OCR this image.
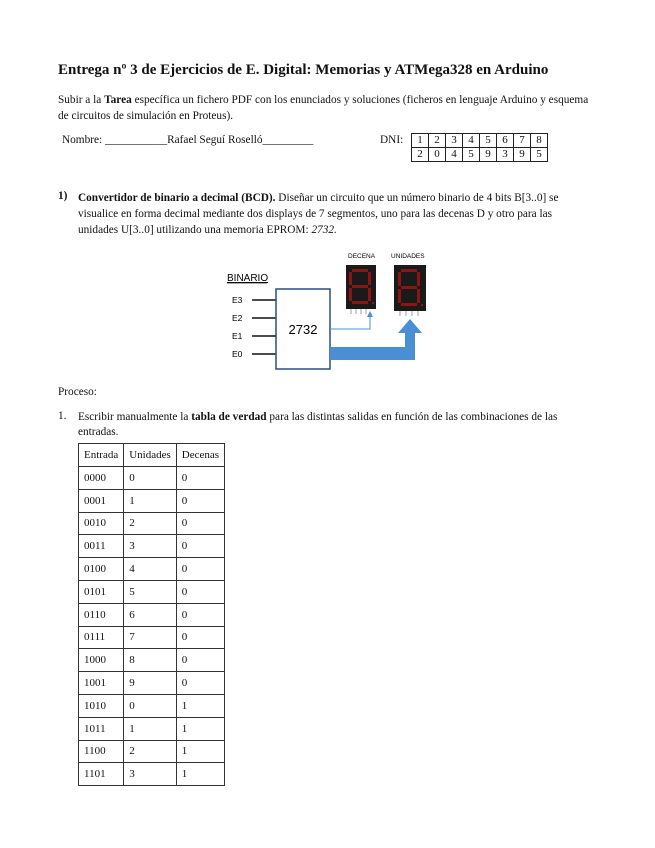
Entrega nº 3 de Ejercicios de E. Digital: Memorias y ATMega328 en Arduino
Subir a la Tarea específica un fichero PDF con los enunciados y soluciones (ficheros en lenguaje Arduino y esquema de circuitos de simulación en Proteus).
Nombre: ___________Rafael Seguí Roselló_________	DNI: 1	2	3	4	5	6	7	8
2	0	4	5	9	3	9	5
1) Convertidor de binario a decimal (BCD). Diseñar un circuito que un número binario de 4 bits B[3..0] se visualice en forma decimal mediante dos displays de 7 segmentos, uno para las decenas D y otro para las unidades U[3..0] utilizando una memoria EPROM: 2732.
BINARIO
E3
E2
E1
E0
2732
DECENA UNIDADES
Proceso:
1. Escribir manualmente la tabla de verdad para las distintas salidas en función de las combinaciones de las entradas.
Entrada	Unidades	Decenas
0000	0	0
0001	1	0
0010	2	0
0011	3	0
0100	4	0
0101	5	0
0110	6	0
0111	7	0
1000	8	0
1001	9	0
1010	0	1
1011	1	1
1100	2	1
1101	3	1
